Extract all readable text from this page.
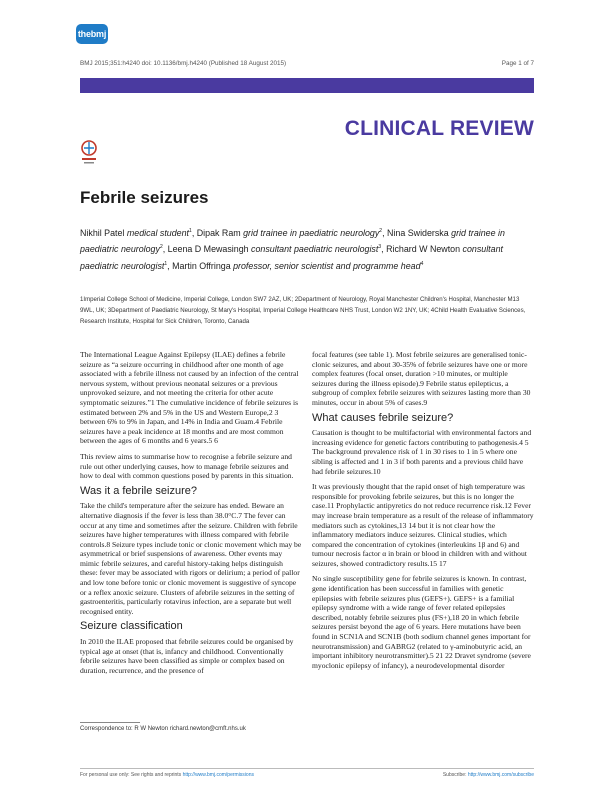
thebmj
BMJ 2015;351:h4240 doi: 10.1136/bmj.h4240 (Published 18 August 2015)	Page 1 of 7
CLINICAL REVIEW
Febrile seizures
Nikhil Patel medical student$^1$, Dipak Ram grid trainee in paediatric neurology$^2$, Nina Swiderska grid trainee in paediatric neurology$^2$, Leena D Mewasingh consultant paediatric neurologist$^3$, Richard W Newton consultant paediatric neurologist$^1$, Martin Offringa professor, senior scientist and programme head$^4$
1Imperial College School of Medicine, Imperial College, London SW7 2AZ, UK; 2Department of Neurology, Royal Manchester Children's Hospital, Manchester M13 9WL, UK; 3Department of Paediatric Neurology, St Mary's Hospital, Imperial College Healthcare NHS Trust, London W2 1NY, UK; 4Child Health Evaluative Sciences, Research Institute, Hospital for Sick Children, Toronto, Canada

The International League Against Epilepsy (ILAE) defines a febrile seizure as “a seizure occurring in childhood after one month of age associated with a febrile illness not caused by an infection of the central nervous system, without previous neonatal seizures or a previous unprovoked seizure, and not meeting the criteria for other acute symptomatic seizures.”1 The cumulative incidence of febrile seizures is estimated between 2% and 5% in the US and Western Europe,2 3 between 6% to 9% in Japan, and 14% in India and Guam.4 Febrile seizures have a peak incidence at 18 months and are most common between the ages of 6 months and 6 years.5 6

This review aims to summarise how to recognise a febrile seizure and rule out other underlying causes, how to manage febrile seizures and how to deal with common questions posed by parents in this situation.

Was it a febrile seizure?

Take the child's temperature after the seizure has ended. Beware an alternative diagnosis if the fever is less than 38.0°C.7 The fever can occur at any time and sometimes after the seizure. Children with febrile seizures have higher temperatures with illness compared with febrile controls.8 Seizure types include tonic or clonic movement which may be asymmetrical or brief suspensions of awareness. Other events may mimic febrile seizures, and careful history-taking helps distinguish these: fever may be associated with rigors or delirium; a period of pallor and low tone before tonic or clonic movement is suggestive of syncope or a reflex anoxic seizure. Clusters of afebrile seizures in the setting of gastroenteritis, particularly rotavirus infection, are a separate but well recognised entity.

Seizure classification

In 2010 the ILAE proposed that febrile seizures could be organised by typical age at onset (that is, infancy and childhood. Conventionally febrile seizures have been classified as simple or complex based on duration, recurrence, and the presence of

focal features (see table 1). Most febrile seizures are generalised tonic-clonic seizures, and about 30-35% of febrile seizures have one or more complex features (focal onset, duration >10 minutes, or multiple seizures during the illness episode).9 Febrile status epilepticus, a subgroup of complex febrile seizures with seizures lasting more than 30 minutes, occur in about 5% of cases.9

What causes febrile seizure?

Causation is thought to be multifactorial with environmental factors and increasing evidence for genetic factors contributing to pathogenesis.4 5 The background prevalence risk of 1 in 30 rises to 1 in 5 where one sibling is affected and 1 in 3 if both parents and a previous child have had febrile seizures.10

It was previously thought that the rapid onset of high temperature was responsible for provoking febrile seizures, but this is no longer the case.11 Prophylactic antipyretics do not reduce recurrence risk.12 Fever may increase brain temperature as a result of the release of inflammatory mediators such as cytokines,13 14 but it is not clear how the inflammatory mediators induce seizures. Clinical studies, which compared the concentration of cytokines (interleukins 1β and 6) and tumour necrosis factor α in brain or blood in children with and without seizures, showed contradictory results.15 17

No single susceptibility gene for febrile seizures is known. In contrast, gene identification has been successful in families with genetic epilepsies with febrile seizures plus (GEFS+). GEFS+ is a familial epilepsy syndrome with a wide range of fever related epilepsies described, notably febrile seizures plus (FS+),18 20 in which febrile seizures persist beyond the age of 6 years. Here mutations have been found in SCN1A and SCN1B (both sodium channel genes important for neurotransmission) and GABRG2 (related to γ-aminobutyric acid, an important inhibitory neurotransmitter).5 21 22 Dravet syndrome (severe myoclonic epilepsy of infancy), a neurodevelopmental disorder

Correspondence to: R W Newton richard.newton@cmft.nhs.uk
For personal use only: See rights and reprints http://www.bmj.com/permissions	Subscribe: http://www.bmj.com/subscribe
